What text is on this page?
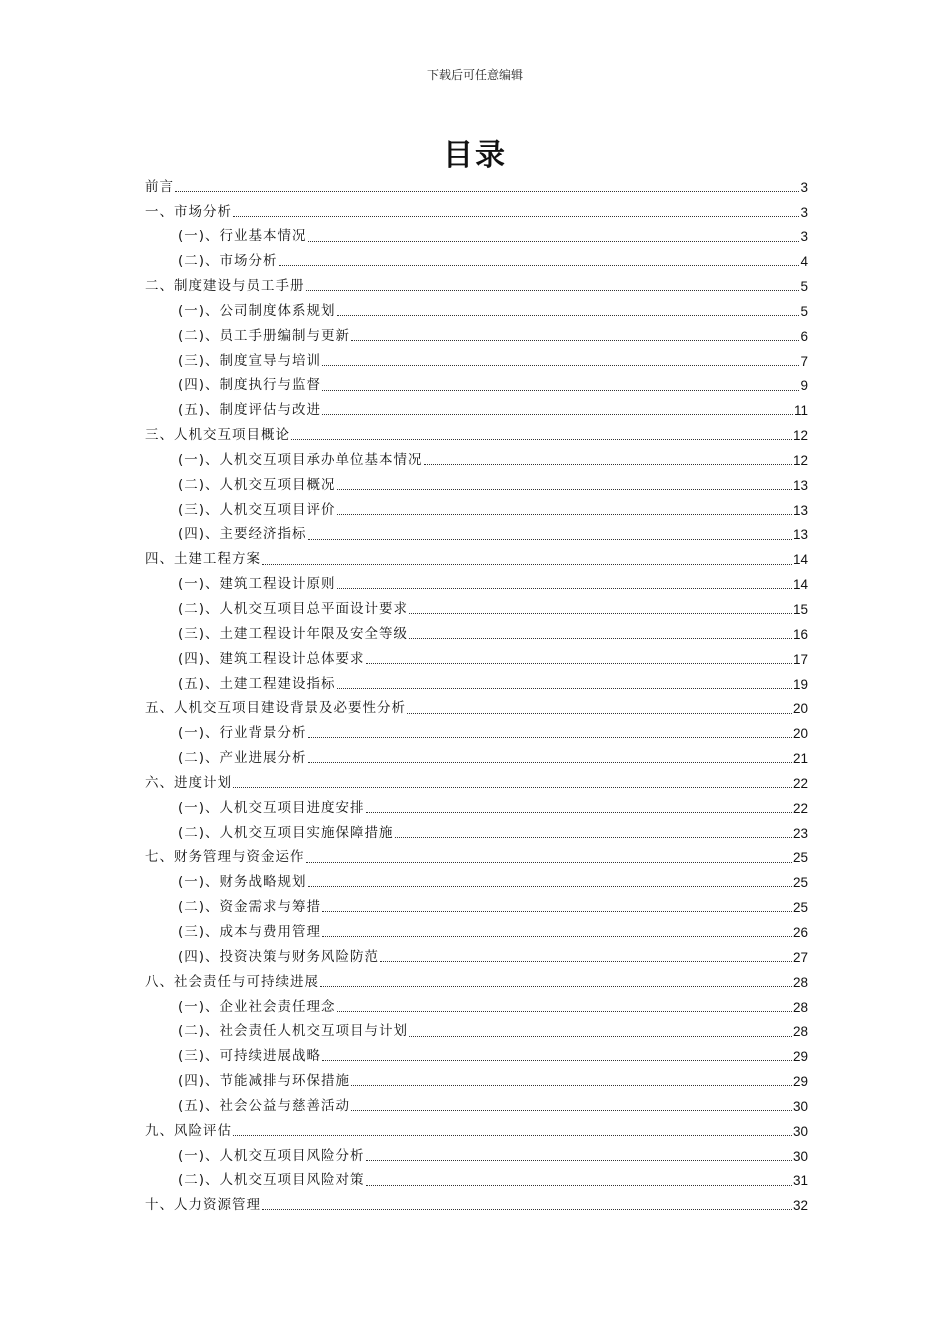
下载后可任意编辑
目录
前言	3
一、市场分析	3
(一)、行业基本情况	3
(二)、市场分析	4
二、制度建设与员工手册	5
(一)、公司制度体系规划	5
(二)、员工手册编制与更新	6
(三)、制度宣导与培训	7
(四)、制度执行与监督	9
(五)、制度评估与改进	11
三、人机交互项目概论	12
(一)、人机交互项目承办单位基本情况	12
(二)、人机交互项目概况	13
(三)、人机交互项目评价	13
(四)、主要经济指标	13
四、土建工程方案	14
(一)、建筑工程设计原则	14
(二)、人机交互项目总平面设计要求	15
(三)、土建工程设计年限及安全等级	16
(四)、建筑工程设计总体要求	17
(五)、土建工程建设指标	19
五、人机交互项目建设背景及必要性分析	20
(一)、行业背景分析	20
(二)、产业进展分析	21
六、进度计划	22
(一)、人机交互项目进度安排	22
(二)、人机交互项目实施保障措施	23
七、财务管理与资金运作	25
(一)、财务战略规划	25
(二)、资金需求与筹措	25
(三)、成本与费用管理	26
(四)、投资决策与财务风险防范	27
八、社会责任与可持续进展	28
(一)、企业社会责任理念	28
(二)、社会责任人机交互项目与计划	28
(三)、可持续进展战略	29
(四)、节能减排与环保措施	29
(五)、社会公益与慈善活动	30
九、风险评估	30
(一)、人机交互项目风险分析	30
(二)、人机交互项目风险对策	31
十、人力资源管理	32
